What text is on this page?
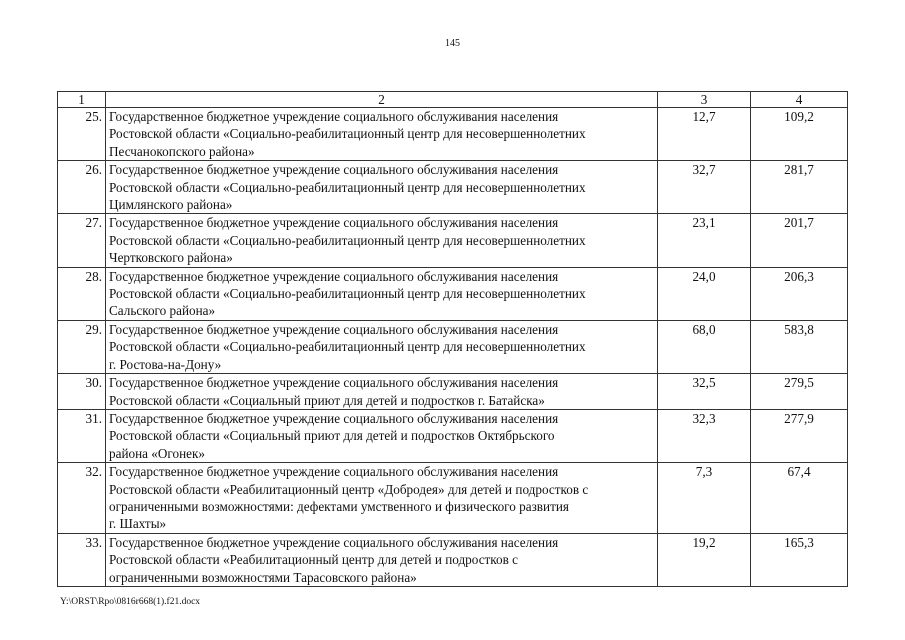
145
1	2	3	4
25.	Государственное бюджетное учреждение социального обслуживания населения
Ростовской области «Социально-реабилитационный центр для несовершеннолетних
Песчанокопского района»	12,7	109,2
26.	Государственное бюджетное учреждение социального обслуживания населения
Ростовской области «Социально-реабилитационный центр для несовершеннолетних
Цимлянского района»	32,7	281,7
27.	Государственное бюджетное учреждение социального обслуживания населения
Ростовской области «Социально-реабилитационный центр для несовершеннолетних
Чертковского района»	23,1	201,7
28.	Государственное бюджетное учреждение социального обслуживания населения
Ростовской области «Социально-реабилитационный центр для несовершеннолетних
Сальского района»	24,0	206,3
29.	Государственное бюджетное учреждение социального обслуживания населения
Ростовской области «Социально-реабилитационный центр для несовершеннолетних
г. Ростова-на-Дону»	68,0	583,8
30.	Государственное бюджетное учреждение социального обслуживания населения
Ростовской области «Социальный приют для детей и подростков г. Батайска»	32,5	279,5
31.	Государственное бюджетное учреждение социального обслуживания населения
Ростовской области «Социальный приют для детей и подростков Октябрьского
района «Огонек»	32,3	277,9
32.	Государственное бюджетное учреждение социального обслуживания населения
Ростовской области «Реабилитационный центр «Добродея» для детей и подростков с
ограниченными возможностями: дефектами умственного и физического развития
г. Шахты»	7,3	67,4
33.	Государственное бюджетное учреждение социального обслуживания населения
Ростовской области «Реабилитационный центр для детей и подростков с
ограниченными возможностями Тарасовского района»	19,2	165,3
Y:\ORST\Rpo\0816r668(1).f21.docx
